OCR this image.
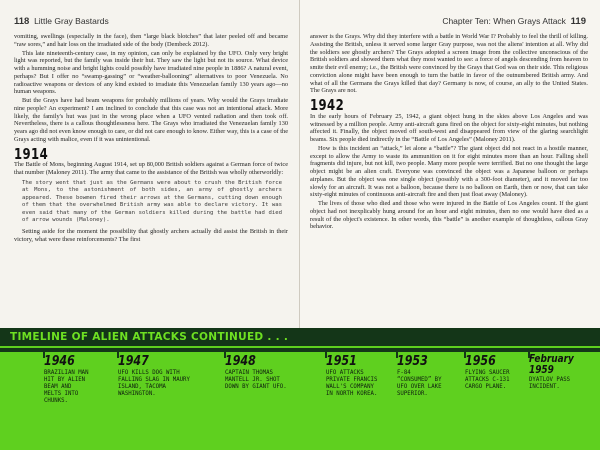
118 Little Gray Bastards

vomiting, swellings (especially in the face), then “large black blotches” that later peeled off and became “raw sores,” and hair loss on the irradiated side of the body (Dembeck 2012).

This late nineteenth-century case, in my opinion, can only be explained by the UFO. Only very bright light was reported, but the family was inside their hut. They saw the light but not its source. What device with a humming noise and bright lights could possibly have irradiated nine people in 1886? A natural event, perhaps? But I offer no “swamp-gassing” or “weather-ballooning” alternatives to poor Venezuela. No radioactive weapons or devices of any kind existed to irradiate this Venezuelan family 130 years ago—no human weapons.

But the Grays have had beam weapons for probably millions of years. Why would the Grays irradiate nine people? An experiment? I am inclined to conclude that this case was not an intentional attack. More likely, the family's hut was just in the wrong place when a UFO vented radiation and then took off. Nevertheless, there is a callous thoughtlessness here. The Grays who irradiated the Venezuelan family 130 years ago did not even know enough to care, or did not care enough to know. Either way, this is a case of the Grays acting with malice, even if it was unintentional.

1914

The Battle of Mons, beginning August 1914, set up 80,000 British soldiers against a German force of twice that number (Maloney 2011). The army that came to the assistance of the British was wholly otherworldly:

The story went that just as the Germans were about to crush the British force at Mons, to the astonishment of both sides, an army of ghostly archers appeared. These bowmen fired their arrows at the Germans, cutting down enough of them that the overwhelmed British army was able to declare victory. It was even said that many of the German soldiers killed during the battle had died of arrow wounds (Maloney).

Setting aside for the moment the possibility that ghostly archers actually did assist the British in their victory, what were these reinforcements? The first

Chapter Ten: When Grays Attack 119

answer is the Grays. Why did they interfere with a battle in World War I? Probably to feel the thrill of killing. Assisting the British, unless it served some larger Gray purpose, was not the aliens' intention at all. Why did the soldiers see ghostly archers? The Grays adopted a screen image from the collective unconscious of the British soldiers and showed them what they most wanted to see: a force of angels descending from heaven to smite their evil enemy; i.e., the British were convinced by the Grays that God was on their side. This religious conviction alone might have been enough to turn the battle in favor of the outnumbered British army. And what of all the Germans the Grays killed that day? Germany is now, of course, an ally to the United States. The Grays are not.

1942

In the early hours of February 25, 1942, a giant object hung in the skies above Los Angeles and was witnessed by a million people. Army anti-aircraft guns fired on the object for sixty-eight minutes, but nothing affected it. Finally, the object moved off south-west and disappeared from view of the glaring searchlight beams. Six people died indirectly in the “Battle of Los Angeles” (Maloney 2011).

How is this incident an “attack,” let alone a “battle”? The giant object did not react in a hostile manner, except to allow the Army to waste its ammunition on it for eight minutes more than an hour. Falling shell fragments did injure, but not kill, two people. Many more people were terrified. But no one thought the large object might be an alien craft. Everyone was convinced the object was a Japanese balloon or perhaps airplanes. But the object was one single object (possibly with a 300-foot diameter), and it moved far too slowly for an aircraft. It was not a balloon, because there is no balloon on Earth, then or now, that can take sixty-eight minutes of continuous anti-aircraft fire and then just float away (Maloney).

The lives of those who died and those who were injured in the Battle of Los Angeles count. If the giant object had not inexplicably hung around for an hour and eight minutes, then no one would have died as a result of the object's existence. In other words, this “battle” is another example of thoughtless, callous Gray behavior.

TIMELINE OF ALIEN ATTACKS CONTINUED . . .
1946
BRAZILIAN MAN HIT BY ALIEN BEAM AND MELTS INTO CHUNKS.
1947
UFO KILLS DOG WITH FALLING SLAG IN MAURY ISLAND, TACOMA WASHINGTON.
1948
CAPTAIN THOMAS MANTELL JR. SHOT DOWN BY GIANT UFO.
1951
UFO ATTACKS PRIVATE FRANCIS WALL'S COMPANY IN NORTH KOREA.
1953
F-84 “CONSUMED” BY UFO OVER LAKE SUPERIOR.
1956
FLYING SAUCER ATTACKS C-131 CARGO PLANE.
February 1959
DYATLOV PASS INCIDENT.
